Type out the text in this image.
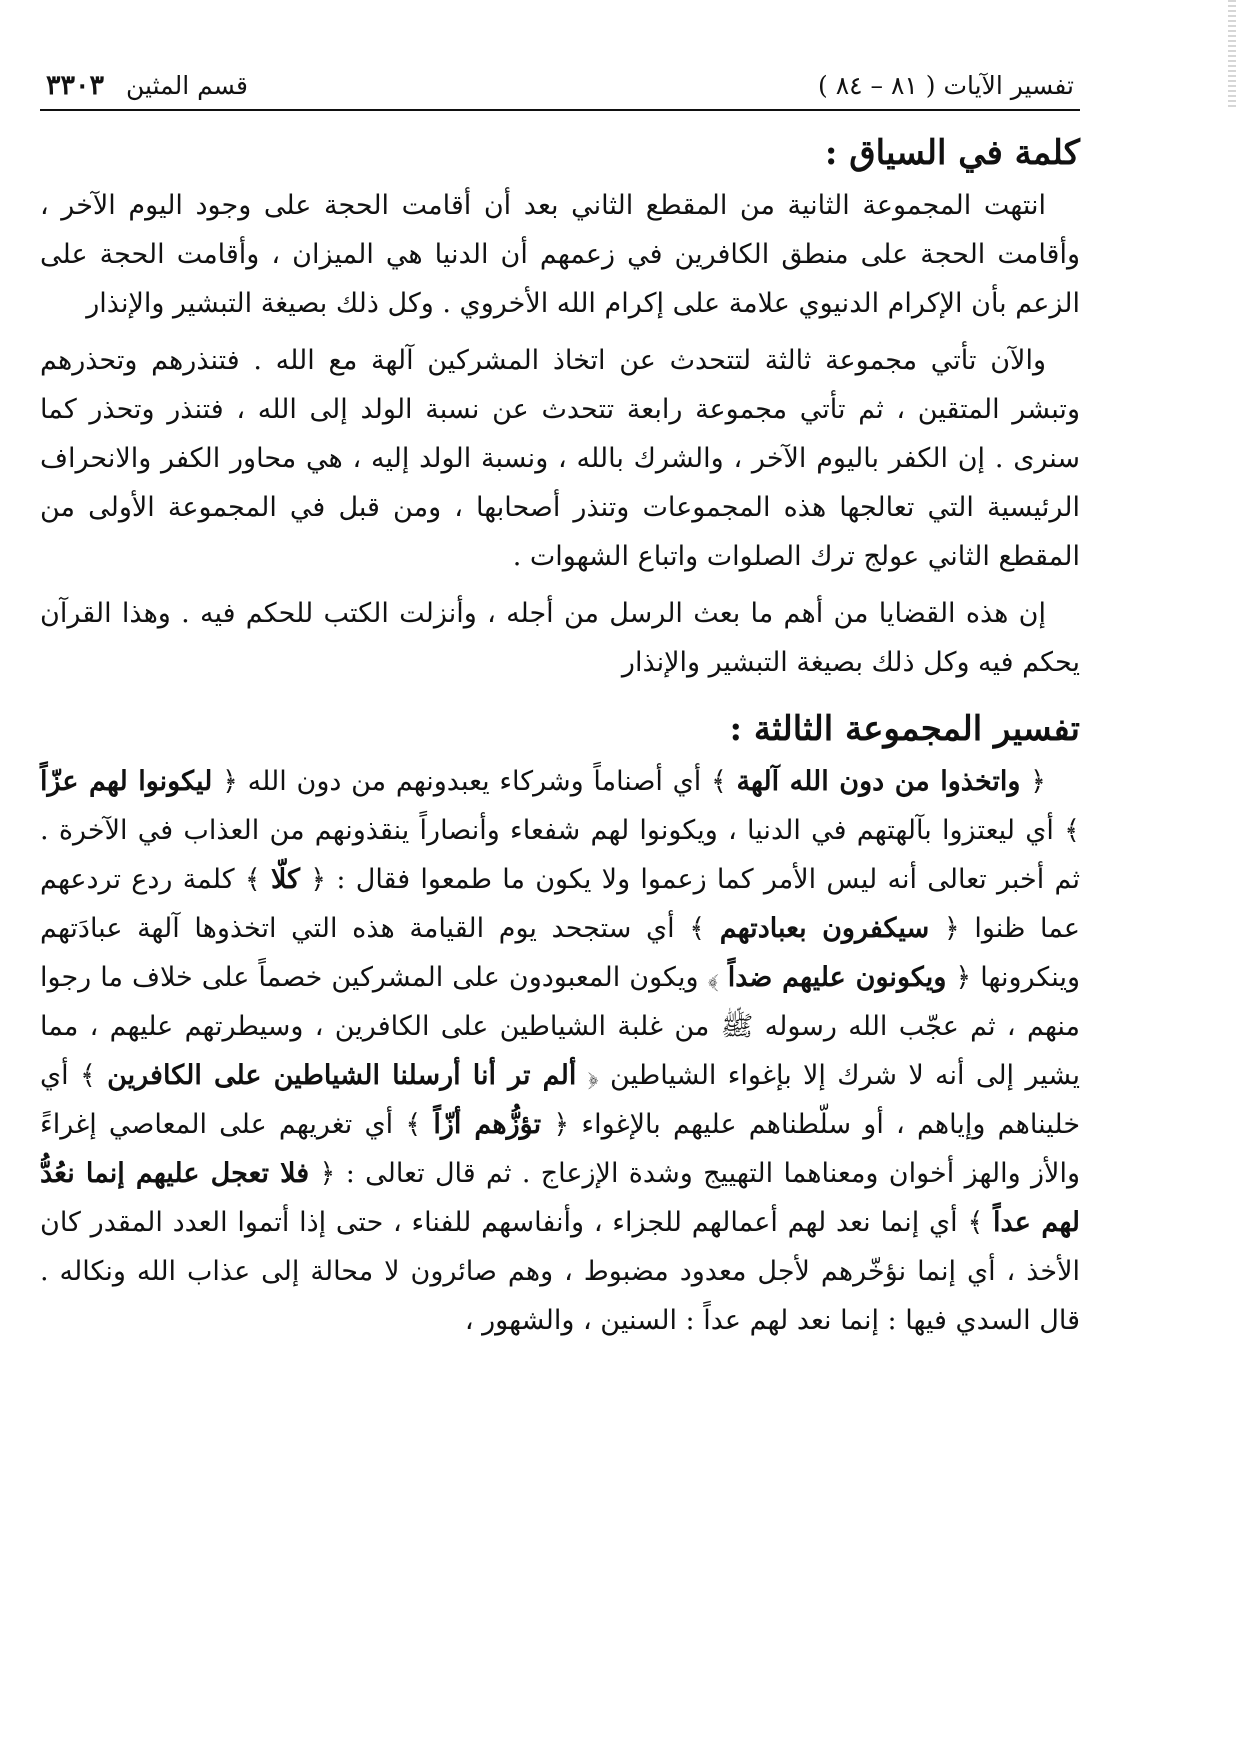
تفسير الآيات ( ٨١ – ٨٤ )
قسم المثين
٣٣٠٣
كلمة في السياق :

انتهت المجموعة الثانية من المقطع الثاني بعد أن أقامت الحجة على وجود اليوم الآخر ، وأقامت الحجة على منطق الكافرين في زعمهم أن الدنيا هي الميزان ، وأقامت الحجة على الزعم بأن الإكرام الدنيوي علامة على إكرام الله الأخروي . وكل ذلك بصيغة التبشير والإنذار

والآن تأتي مجموعة ثالثة لتتحدث عن اتخاذ المشركين آلهة مع الله . فتنذرهم وتحذرهم وتبشر المتقين ، ثم تأتي مجموعة رابعة تتحدث عن نسبة الولد إلى الله ، فتنذر وتحذر كما سنرى . إن الكفر باليوم الآخر ، والشرك بالله ، ونسبة الولد إليه ، هي محاور الكفر والانحراف الرئيسية التي تعالجها هذه المجموعات وتنذر أصحابها ، ومن قبل في المجموعة الأولى من المقطع الثاني عولج ترك الصلوات واتباع الشهوات .

إن هذه القضايا من أهم ما بعث الرسل من أجله ، وأنزلت الكتب للحكم فيه . وهذا القرآن يحكم فيه وكل ذلك بصيغة التبشير والإنذار

تفسير المجموعة الثالثة :

﴿ واتخذوا من دون الله آلهة ﴾ أي أصناماً وشركاء يعبدونهم من دون الله ﴿ ليكونوا لهم عزّاً ﴾ أي ليعتزوا بآلهتهم في الدنيا ، ويكونوا لهم شفعاء وأنصاراً ينقذونهم من العذاب في الآخرة . ثم أخبر تعالى أنه ليس الأمر كما زعموا ولا يكون ما طمعوا فقال : ﴿ كلّا ﴾ كلمة ردع تردعهم عما ظنوا ﴿ سيكفرون بعبادتهم ﴾ أي ستجحد يوم القيامة هذه التي اتخذوها آلهة عبادَتهم وينكرونها ﴿ ويكونون عليهم ضداً ﴾ ويكون المعبودون على المشركين خصماً على خلاف ما رجوا منهم ، ثم عجّب الله رسوله ﷺ من غلبة الشياطين على الكافرين ، وسيطرتهم عليهم ، مما يشير إلى أنه لا شرك إلا بإغواء الشياطين ﴿ ألم تر أنا أرسلنا الشياطين على الكافرين ﴾ أي خليناهم وإياهم ، أو سلّطناهم عليهم بالإغواء ﴿ تؤزُّهم أزّاً ﴾ أي تغريهم على المعاصي إغراءً والأز والهز أخوان ومعناهما التهييج وشدة الإزعاج . ثم قال تعالى : ﴿ فلا تعجل عليهم إنما نعُدُّ لهم عداً ﴾ أي إنما نعد لهم أعمالهم للجزاء ، وأنفاسهم للفناء ، حتى إذا أتموا العدد المقدر كان الأخذ ، أي إنما نؤخّرهم لأجل معدود مضبوط ، وهم صائرون لا محالة إلى عذاب الله ونكاله . قال السدي فيها : إنما نعد لهم عداً : السنين ، والشهور ،
